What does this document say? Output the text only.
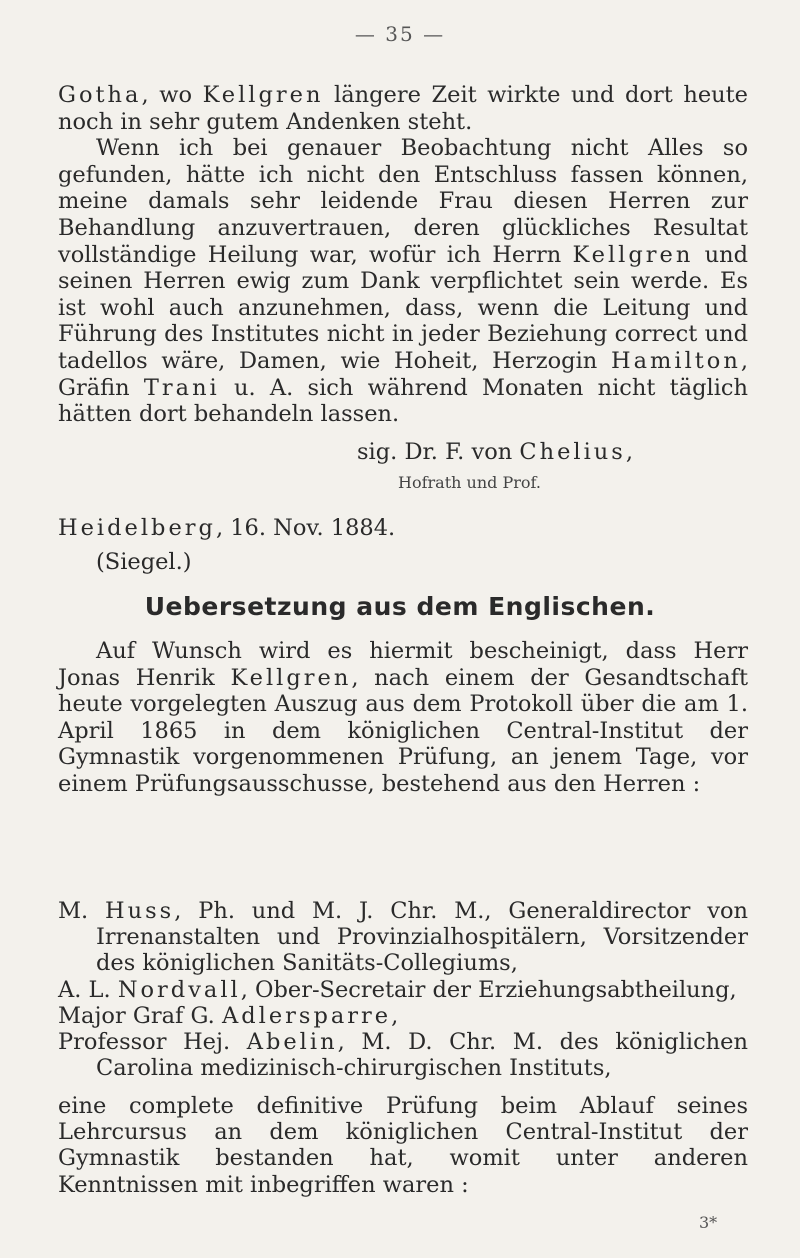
— 35 —

Gotha, wo Kellgren längere Zeit wirkte und dort heute noch in sehr gutem Andenken steht.

Wenn ich bei genauer Beobachtung nicht Alles so gefunden, hätte ich nicht den Entschluss fassen können, meine damals sehr leidende Frau diesen Herren zur Behandlung anzuvertrauen, deren glückliches Resultat vollständige Heilung war, wofür ich Herrn Kellgren und seinen Herren ewig zum Dank verpflichtet sein werde. Es ist wohl auch anzunehmen, dass, wenn die Leitung und Führung des Institutes nicht in jeder Beziehung correct und tadellos wäre, Damen, wie Hoheit, Herzogin Hamilton, Gräfin Trani u. A. sich während Monaten nicht täglich hätten dort behandeln lassen.

sig. Dr. F. von Chelius,
Hofrath und Prof.
Heidelberg, 16. Nov. 1884.
(Siegel.)
Uebersetzung aus dem Englischen.

Auf Wunsch wird es hiermit bescheinigt, dass Herr Jonas Henrik Kellgren, nach einem der Gesandtschaft heute vorgelegten Auszug aus dem Protokoll über die am 1. April 1865 in dem königlichen Central-Institut der Gymnastik vorgenommenen Prüfung, an jenem Tage, vor einem Prüfungsausschusse, bestehend aus den Herren :

M. Huss, Ph. und M. J. Chr. M., Generaldirector von Irrenanstalten und Provinzialhospitälern, Vorsitzender des königlichen Sanitäts-Collegiums,

A. L. Nordvall, Ober-Secretair der Erziehungsabtheilung,

Major Graf G. Adlersparre,

Professor Hej. Abelin, M. D. Chr. M. des königlichen Carolina medizinisch-chirurgischen Instituts,

eine complete definitive Prüfung beim Ablauf seines Lehrcursus an dem königlichen Central-Institut der Gymnastik bestanden hat, womit unter anderen Kenntnissen mit inbegriffen waren :

3*
